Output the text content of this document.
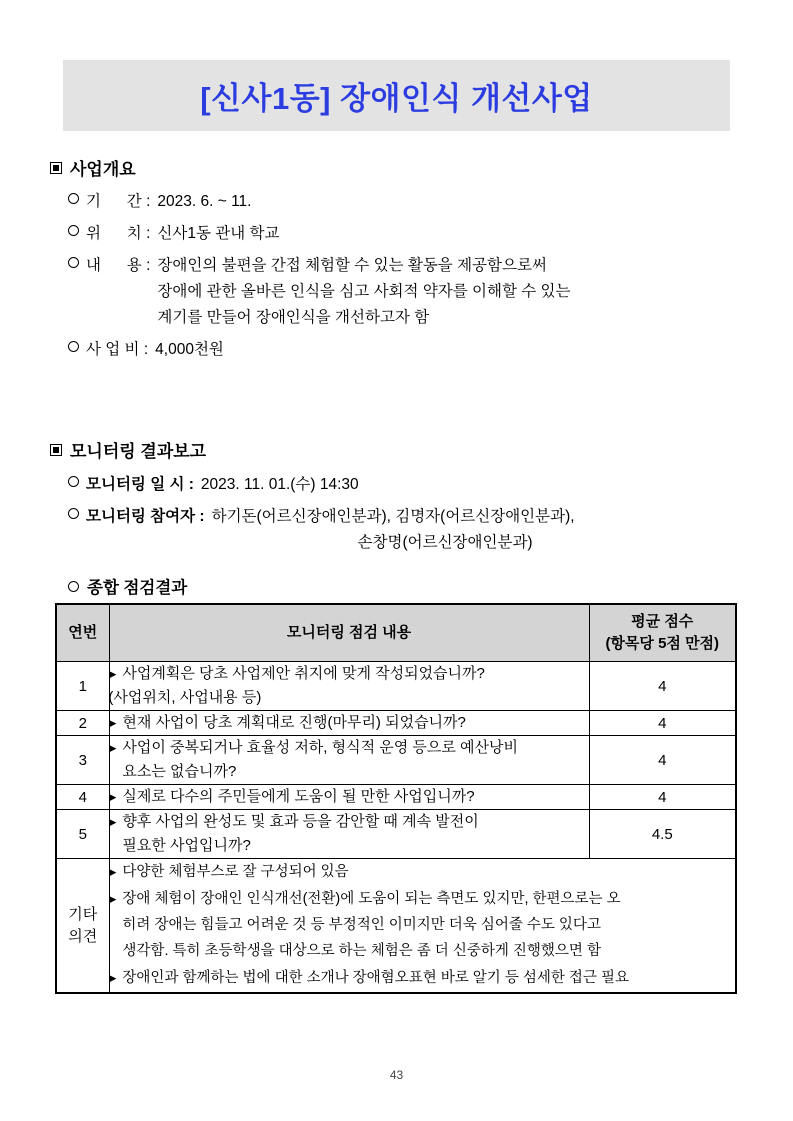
[신사1동] 장애인식 개선사업
사업개요
기      간 : 2023. 6. ~ 11.
위      치 : 신사1동 관내 학교
내      용 : 장애인의 불편을 간접 체험할 수 있는 활동을 제공함으로써
장애에 관한 올바른 인식을 심고 사회적 약자를 이해할 수 있는
계기를 만들어 장애인식을 개선하고자 함
사 업 비 : 4,000천원
모니터링 결과보고
모니터링 일 시 : 2023. 11. 01.(수) 14:30
모니터링 참여자 : 하기돈(어르신장애인분과), 김명자(어르신장애인분과),
손창명(어르신장애인분과)
종합 점검결과
연번	모니터링 점검 내용	평균 점수
(항목당 5점 만점)

1	▶ 사업계획은 당초 사업제안 취지에 맞게 작성되었습니까?
(사업위치, 사업내용 등)	4
2	▶ 현재 사업이 당초 계획대로 진행(마무리) 되었습니까?	4
3	▶ 사업이 중복되거나 효율성 저하, 형식적 운영 등으로 예산낭비
요소는 없습니까?	4
4	▶ 실제로 다수의 주민들에게 도움이 될 만한 사업입니까?	4
5	▶ 향후 사업의 완성도 및 효과 등을 감안할 때 계속 발전이
필요한 사업입니까?	4.5

기타
의견

▶ 다양한 체험부스로 잘 구성되어 있음
▶ 장애 체험이 장애인 인식개선(전환)에 도움이 되는 측면도 있지만, 한편으로는 오
히려 장애는 힘들고 어려운 것 등 부정적인 이미지만 더욱 심어줄 수도 있다고
생각함. 특히 초등학생을 대상으로 하는 체험은 좀 더 신중하게 진행했으면 함
▶ 장애인과 함께하는 법에 대한 소개나 장애혐오표현 바로 알기 등 섬세한 접근 필요
43
